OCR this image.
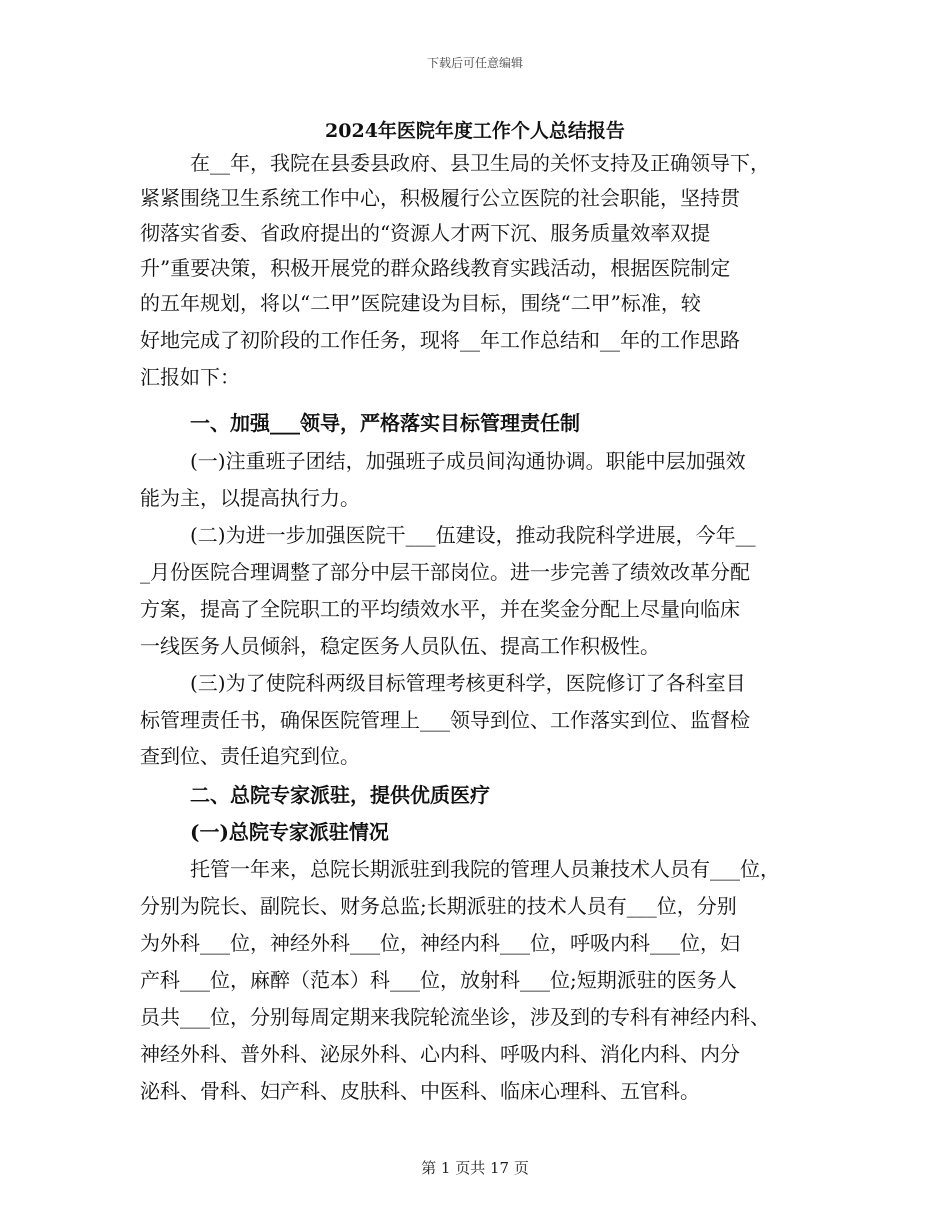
下载后可任意编辑
2024年医院年度工作个人总结报告
在__年，我院在县委县政府、县卫生局的关怀支持及正确领导下，
紧紧围绕卫生系统工作中心，积极履行公立医院的社会职能，坚持贯
彻落实省委、省政府提出的“资源人才两下沉、服务质量效率双提
升”重要决策，积极开展党的群众路线教育实践活动，根据医院制定
的五年规划，将以“二甲”医院建设为目标，围绕“二甲”标准，较
好地完成了初阶段的工作任务，现将__年工作总结和__年的工作思路
汇报如下：
一、加强___领导，严格落实目标管理责任制
(一)注重班子团结，加强班子成员间沟通协调。职能中层加强效
能为主，以提高执行力。
(二)为进一步加强医院干___伍建设，推动我院科学进展，今年__
_月份医院合理调整了部分中层干部岗位。进一步完善了绩效改革分配
方案，提高了全院职工的平均绩效水平，并在奖金分配上尽量向临床
一线医务人员倾斜，稳定医务人员队伍、提高工作积极性。
(三)为了使院科两级目标管理考核更科学，医院修订了各科室目
标管理责任书，确保医院管理上___领导到位、工作落实到位、监督检
查到位、责任追究到位。
二、总院专家派驻，提供优质医疗
(一)总院专家派驻情况
托管一年来，总院长期派驻到我院的管理人员兼技术人员有___位，
分别为院长、副院长、财务总监;长期派驻的技术人员有___位，分别
为外科___位，神经外科___位，神经内科___位，呼吸内科___位，妇
产科___位，麻醉（范本）科___位，放射科___位;短期派驻的医务人
员共___位，分别每周定期来我院轮流坐诊，涉及到的专科有神经内科、
神经外科、普外科、泌尿外科、心内科、呼吸内科、消化内科、内分
泌科、骨科、妇产科、皮肤科、中医科、临床心理科、五官科。
第 1 页共 17 页
